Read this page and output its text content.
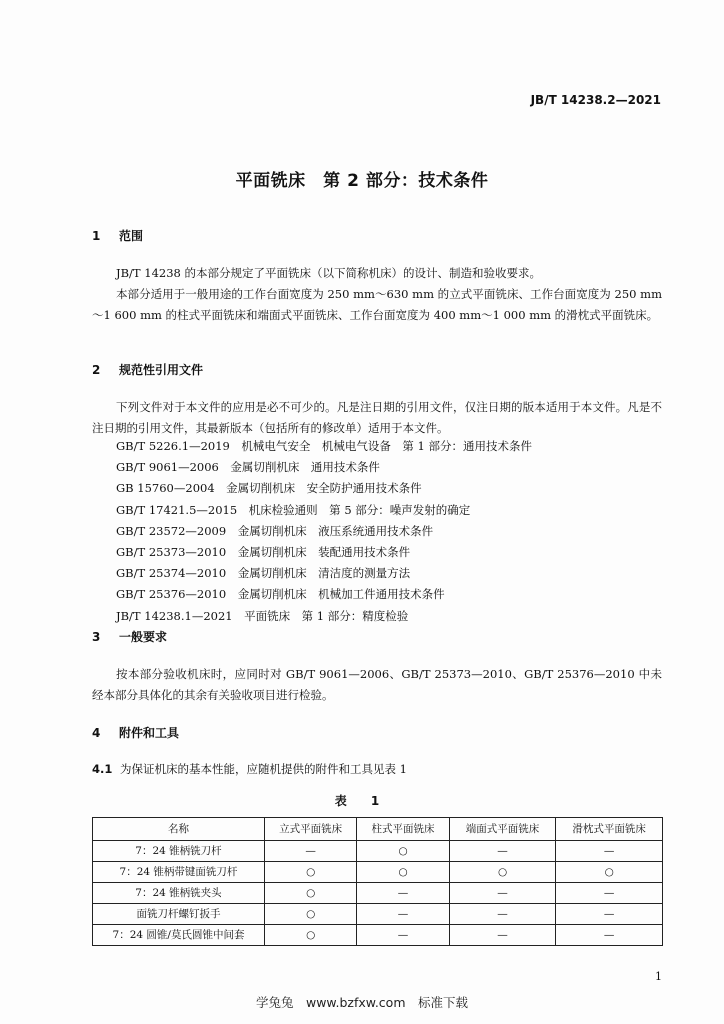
JB/T 14238.2—2021
平面铣床　第 2 部分：技术条件
1 范围
JB/T 14238 的本部分规定了平面铣床（以下简称机床）的设计、制造和验收要求。
本部分适用于一般用途的工作台面宽度为 250 mm～630 mm 的立式平面铣床、工作台面宽度为 250 mm～1 600 mm 的柱式平面铣床和端面式平面铣床、工作台面宽度为 400 mm～1 000 mm 的滑枕式平面铣床。
2 规范性引用文件
下列文件对于本文件的应用是必不可少的。凡是注日期的引用文件，仅注日期的版本适用于本文件。凡是不注日期的引用文件，其最新版本（包括所有的修改单）适用于本文件。
GB/T 5226.1—2019　机械电气安全　机械电气设备　第 1 部分：通用技术条件
GB/T 9061—2006　金属切削机床　通用技术条件
GB 15760—2004　金属切削机床　安全防护通用技术条件
GB/T 17421.5—2015　机床检验通则　第 5 部分：噪声发射的确定
GB/T 23572—2009　金属切削机床　液压系统通用技术条件
GB/T 25373—2010　金属切削机床　装配通用技术条件
GB/T 25374—2010　金属切削机床　清洁度的测量方法
GB/T 25376—2010　金属切削机床　机械加工件通用技术条件
JB/T 14238.1—2021　平面铣床　第 1 部分：精度检验
3 一般要求
按本部分验收机床时，应同时对 GB/T 9061—2006、GB/T 25373—2010、GB/T 25376—2010 中未经本部分具体化的其余有关验收项目进行检验。
4 附件和工具
4.1 为保证机床的基本性能，应随机提供的附件和工具见表 1
表 1
名称	立式平面铣床	柱式平面铣床	端面式平面铣床	滑枕式平面铣床
7：24 锥柄铣刀杆	—	○	—	—
7：24 锥柄带键面铣刀杆	○	○	○	○
7：24 锥柄铣夹头	○	—	—	—
面铣刀杆螺钉扳手	○	—	—	—
7：24 圆锥/莫氏圆锥中间套	○	—	—	—
1
学兔兔　www.bzfxw.com　标准下载
